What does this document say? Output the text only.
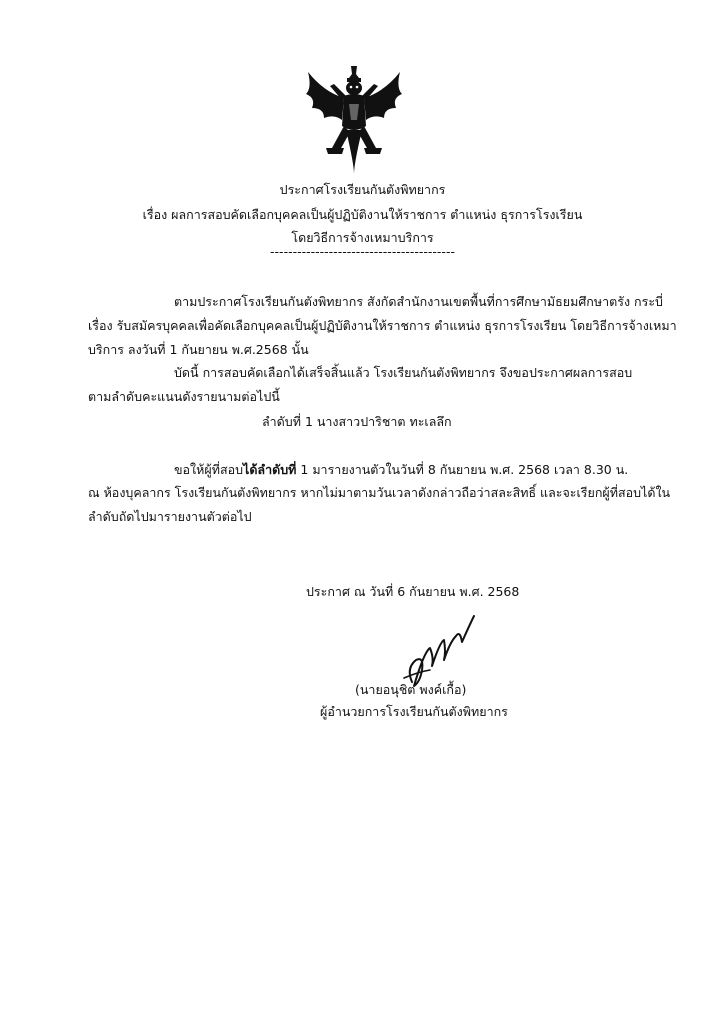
ประกาศโรงเรียนกันตังพิทยากร
เรื่อง ผลการสอบคัดเลือกบุคคลเป็นผู้ปฏิบัติงานให้ราชการ ตำแหน่ง ธุรการโรงเรียน
โดยวิธีการจ้างเหมาบริการ
-----------------------------------------
ตามประกาศโรงเรียนกันตังพิทยากร สังกัดสำนักงานเขตพื้นที่การศึกษามัธยมศึกษาตรัง กระบี่
เรื่อง รับสมัครบุคคลเพื่อคัดเลือกบุคคลเป็นผู้ปฏิบัติงานให้ราชการ ตำแหน่ง ธุรการโรงเรียน โดยวิธีการจ้างเหมา
บริการ ลงวันที่ 1 กันยายน พ.ศ.2568 นั้น
บัดนี้ การสอบคัดเลือกได้เสร็จสิ้นแล้ว โรงเรียนกันตังพิทยากร จึงขอประกาศผลการสอบ
ตามลำดับคะแนนดังรายนามต่อไปนี้
ลำดับที่ 1 นางสาวปาริชาต ทะเลลึก
ขอให้ผู้ที่สอบได้ลำดับที่ 1 มารายงานตัวในวันที่ 8 กันยายน พ.ศ. 2568 เวลา 8.30 น.
ณ ห้องบุคลากร โรงเรียนกันตังพิทยากร หากไม่มาตามวันเวลาดังกล่าวถือว่าสละสิทธิ์ และจะเรียกผู้ที่สอบได้ใน
ลำดับถัดไปมารายงานตัวต่อไป
ประกาศ ณ วันที่ 6 กันยายน พ.ศ. 2568
(นายอนุชิต พงค์เกื้อ)
ผู้อำนวยการโรงเรียนกันตังพิทยากร
